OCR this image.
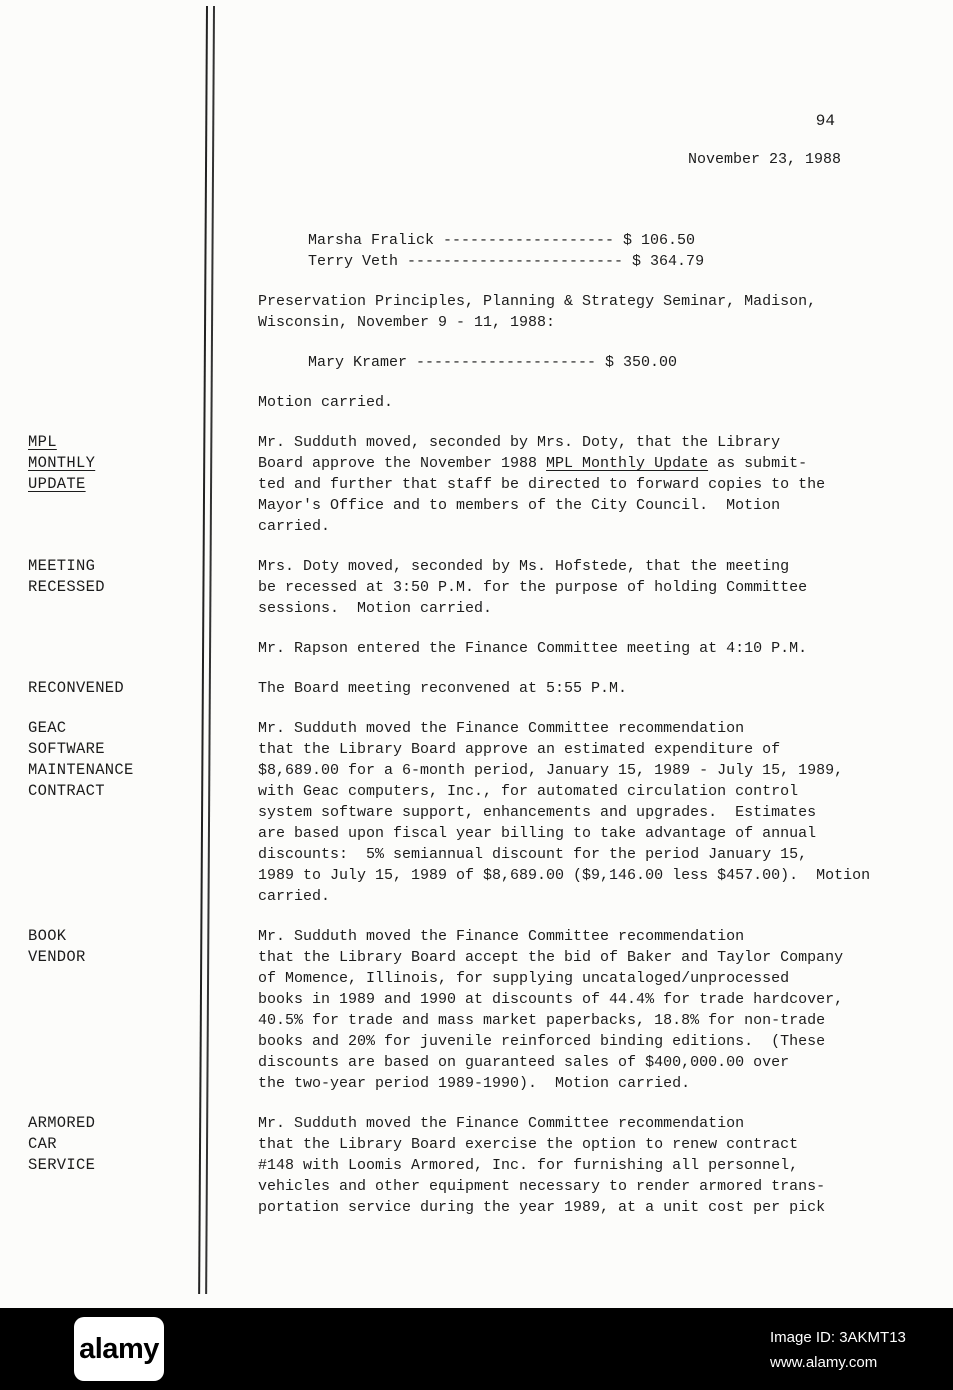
94
November 23, 1988
Marsha Fralick ------------------- $ 106.50
Terry Veth ------------------------ $ 364.79
Preservation Principles, Planning & Strategy Seminar, Madison,
Wisconsin, November 9 - 11, 1988:
Mary Kramer -------------------- $ 350.00
Motion carried.
MPL
MONTHLY
UPDATE
Mr. Sudduth moved, seconded by Mrs. Doty, that the Library
Board approve the November 1988 MPL Monthly Update as submit-
ted and further that staff be directed to forward copies to the
Mayor's Office and to members of the City Council.  Motion
carried.
MEETING
RECESSED
Mrs. Doty moved, seconded by Ms. Hofstede, that the meeting
be recessed at 3:50 P.M. for the purpose of holding Committee
sessions.  Motion carried.
Mr. Rapson entered the Finance Committee meeting at 4:10 P.M.
RECONVENED	The Board meeting reconvened at 5:55 P.M.
GEAC
SOFTWARE
MAINTENANCE
CONTRACT
Mr. Sudduth moved the Finance Committee recommendation
that the Library Board approve an estimated expenditure of
$8,689.00 for a 6-month period, January 15, 1989 - July 15, 1989,
with Geac computers, Inc., for automated circulation control
system software support, enhancements and upgrades.  Estimates
are based upon fiscal year billing to take advantage of annual
discounts:  5% semiannual discount for the period January 15,
1989 to July 15, 1989 of $8,689.00 ($9,146.00 less $457.00).  Motion
carried.
BOOK
VENDOR
Mr. Sudduth moved the Finance Committee recommendation
that the Library Board accept the bid of Baker and Taylor Company
of Momence, Illinois, for supplying uncataloged/unprocessed
books in 1989 and 1990 at discounts of 44.4% for trade hardcover,
40.5% for trade and mass market paperbacks, 18.8% for non-trade
books and 20% for juvenile reinforced binding editions.  (These
discounts are based on guaranteed sales of $400,000.00 over
the two-year period 1989-1990).  Motion carried.
ARMORED
CAR
SERVICE
Mr. Sudduth moved the Finance Committee recommendation
that the Library Board exercise the option to renew contract
#148 with Loomis Armored, Inc. for furnishing all personnel,
vehicles and other equipment necessary to render armored trans-
portation service during the year 1989, at a unit cost per pick
alamy	Image ID: 3AKMT13
www.alamy.com
